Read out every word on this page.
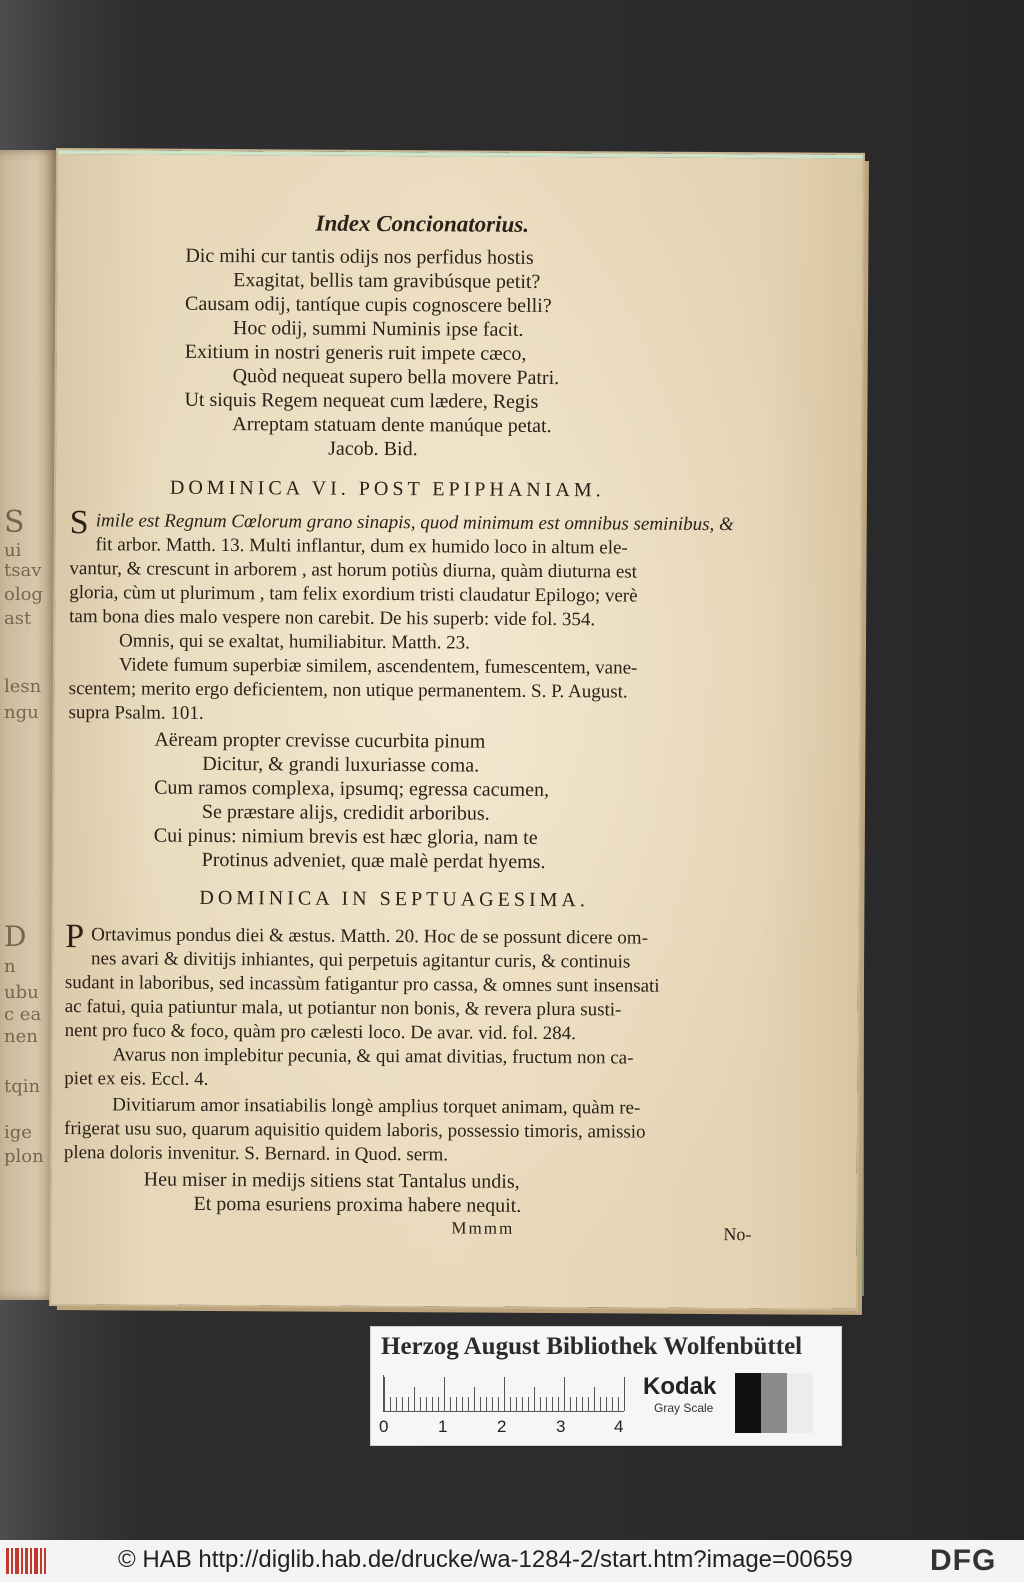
S
ui
tsav
olog
ast
lesn
ngu
D
n
ubu
c ea
nen
tqin
ige
plon
Index Concionatorius.
Dic mihi cur tantis odijs nos perfidus hostis
Exagitat, bellis tam gravibúsque petit?
Causam odij, tantíque cupis cognoscere belli?
Hoc odij, summi Numinis ipse facit.
Exitium in nostri generis ruit impete cæco,
Quòd nequeat supero bella movere Patri.
Ut siquis Regem nequeat cum lædere, Regis
Arreptam statuam dente manúque petat.
Jacob. Bid.
DOMINICA VI. POST EPIPHANIAM.
S imile est Regnum Cœlorum grano sinapis, quod minimum est omnibus seminibus, &
fit arbor. Matth. 13. Multi inflantur, dum ex humido loco in altum ele-
vantur, & crescunt in arborem , ast horum potiùs diurna, quàm diuturna est
gloria, cùm ut plurimum , tam felix exordium tristi claudatur Epilogo; verè
tam bona dies malo vespere non carebit. De his superb: vide fol. 354.
Omnis, qui se exaltat, humiliabitur. Matth. 23.
Videte fumum superbiæ similem, ascendentem, fumescentem, vane-
scentem; merito ergo deficientem, non utique permanentem. S. P. August.
supra Psalm. 101.
Aëream propter crevisse cucurbita pinum
Dicitur, & grandi luxuriasse coma.
Cum ramos complexa, ipsumq; egressa cacumen,
Se præstare alijs, credidit arboribus.
Cui pinus: nimium brevis est hæc gloria, nam te
Protinus adveniet, quæ malè perdat hyems.
DOMINICA IN SEPTUAGESIMA.
P Ortavimus pondus diei & æstus. Matth. 20. Hoc de se possunt dicere om-
nes avari & divitijs inhiantes, qui perpetuis agitantur curis, & continuis
sudant in laboribus, sed incassùm fatigantur pro cassa, & omnes sunt insensati
ac fatui, quia patiuntur mala, ut potiantur non bonis, & revera plura susti-
nent pro fuco & foco, quàm pro cælesti loco. De avar. vid. fol. 284.
Avarus non implebitur pecunia, & qui amat divitias, fructum non ca-
piet ex eis. Eccl. 4.
Divitiarum amor insatiabilis longè amplius torquet animam, quàm re-
frigerat usu suo, quarum aquisitio quidem laboris, possessio timoris, amissio
plena doloris invenitur. S. Bernard. in Quod. serm.
Heu miser in medijs sitiens stat Tantalus undis,
Et poma esuriens proxima habere nequit.
Mmmm	No-
Herzog August Bibliothek Wolfenbüttel
0	1	2	3	4
Kodak
Gray Scale
© HAB http://diglib.hab.de/drucke/wa-1284-2/start.htm?image=00659	DFG
